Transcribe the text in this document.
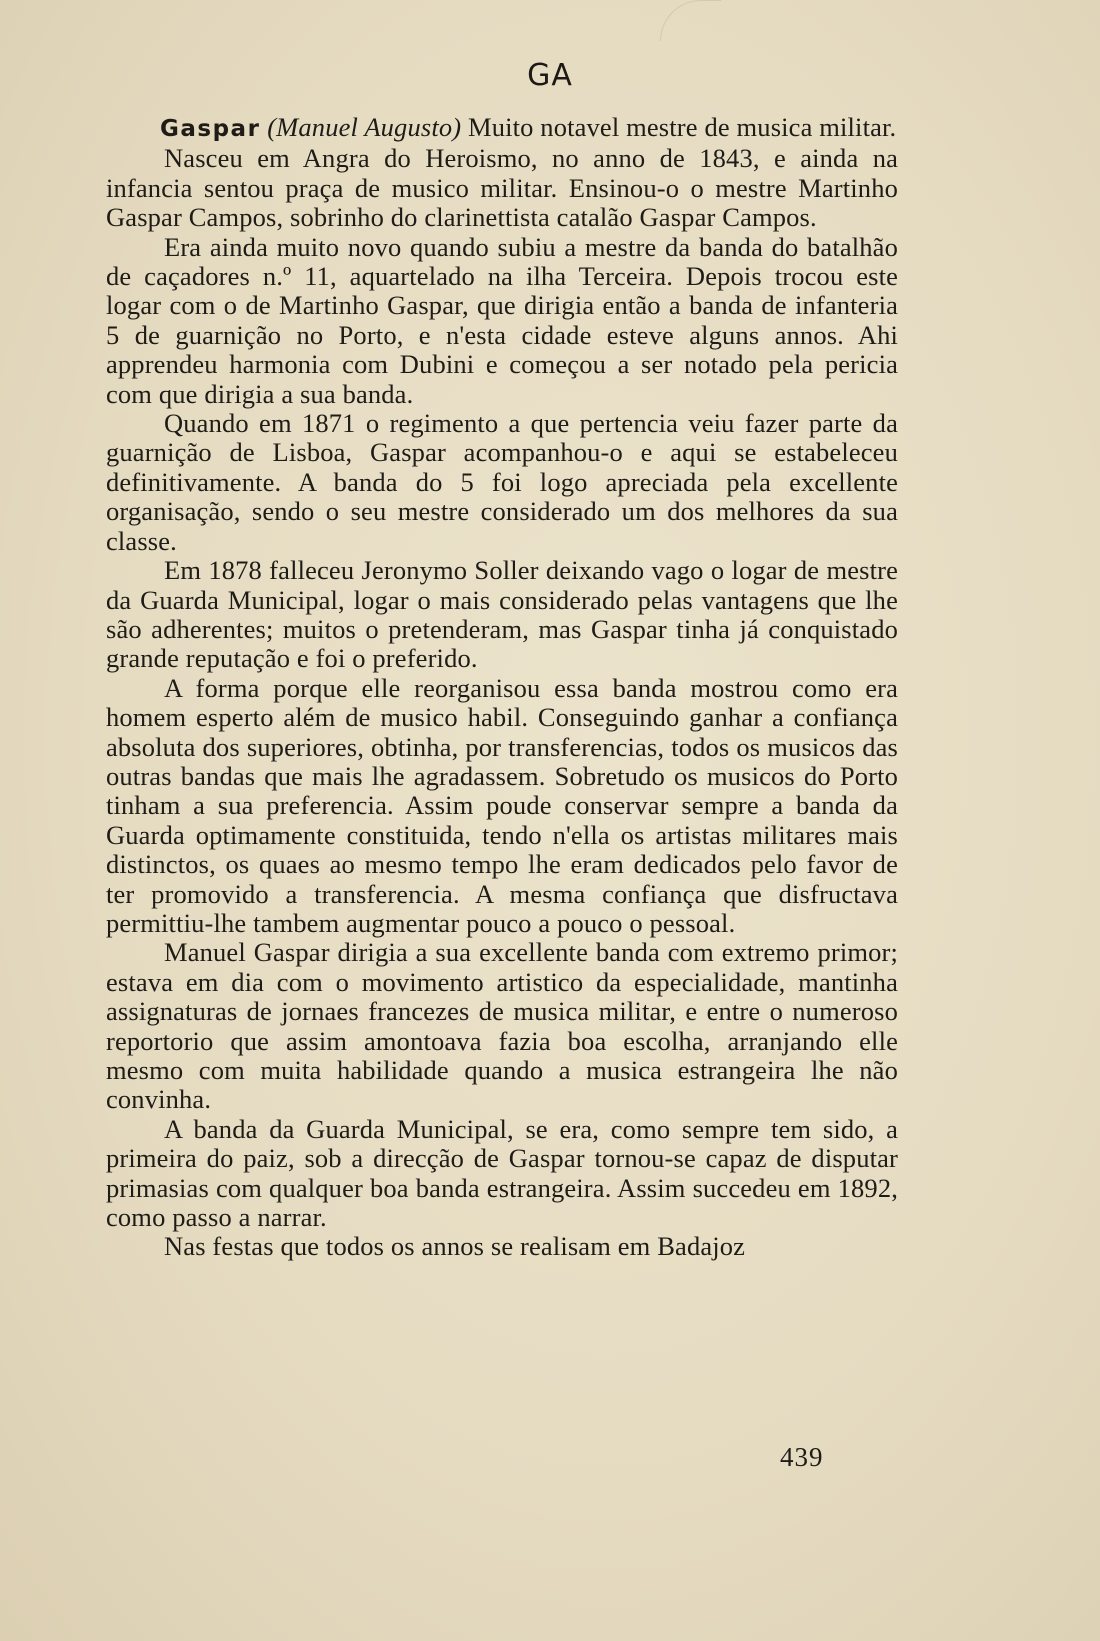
GA

Gaspar (Manuel Augusto) Muito notavel mestre de musica militar.

Nasceu em Angra do Heroismo, no anno de 1843, e ainda na infancia sentou praça de musico militar. Ensinou-o o mestre Martinho Gaspar Campos, sobrinho do clarinettista catalão Gaspar Campos.

Era ainda muito novo quando subiu a mestre da banda do batalhão de caçadores n.º 11, aquartelado na ilha Terceira. Depois trocou este logar com o de Martinho Gaspar, que dirigia então a banda de infanteria 5 de guarnição no Porto, e n'esta cidade esteve alguns annos. Ahi apprendeu harmonia com Dubini e começou a ser notado pela pericia com que dirigia a sua banda.

Quando em 1871 o regimento a que pertencia veiu fazer parte da guarnição de Lisboa, Gaspar acompanhou-o e aqui se estabeleceu definitivamente. A banda do 5 foi logo apreciada pela excellente organisação, sendo o seu mestre considerado um dos melhores da sua classe.

Em 1878 falleceu Jeronymo Soller deixando vago o logar de mestre da Guarda Municipal, logar o mais considerado pelas vantagens que lhe são adherentes; muitos o pretenderam, mas Gaspar tinha já conquistado grande reputação e foi o preferido.

A forma porque elle reorganisou essa banda mostrou como era homem esperto além de musico habil. Conseguindo ganhar a confiança absoluta dos superiores, obtinha, por transferencias, todos os musicos das outras bandas que mais lhe agradassem. Sobretudo os musicos do Porto tinham a sua preferencia. Assim poude conservar sempre a banda da Guarda optimamente constituida, tendo n'ella os artistas militares mais distinctos, os quaes ao mesmo tempo lhe eram dedicados pelo favor de ter promovido a transferencia. A mesma confiança que disfructava permittiu-lhe tambem augmentar pouco a pouco o pessoal.

Manuel Gaspar dirigia a sua excellente banda com extremo primor; estava em dia com o movimento artistico da especialidade, mantinha assignaturas de jornaes francezes de musica militar, e entre o numeroso reportorio que assim amontoava fazia boa escolha, arranjando elle mesmo com muita habilidade quando a musica estrangeira lhe não convinha.

A banda da Guarda Municipal, se era, como sempre tem sido, a primeira do paiz, sob a direcção de Gaspar tornou-se capaz de disputar primasias com qualquer boa banda estrangeira. Assim succedeu em 1892, como passo a narrar.

Nas festas que todos os annos se realisam em Badajoz

439
